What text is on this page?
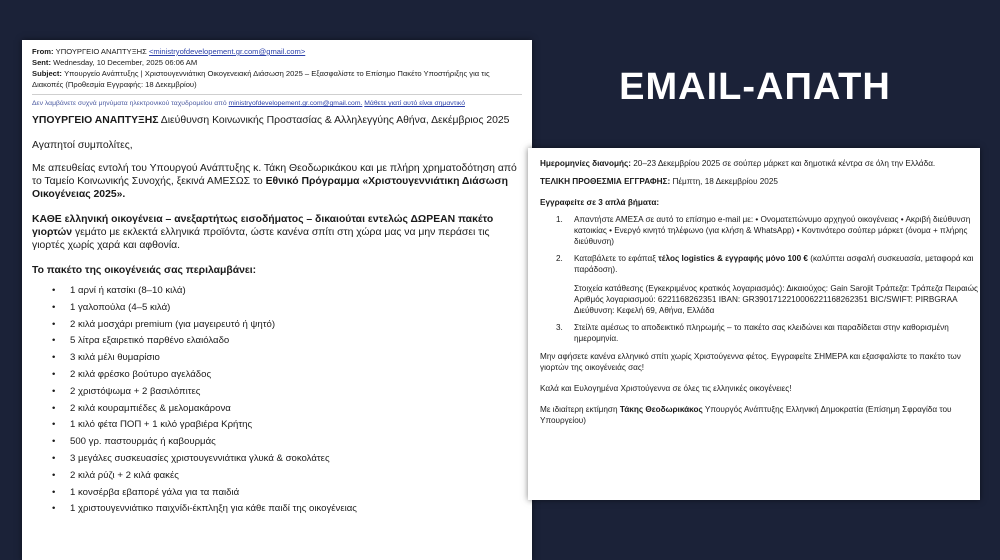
From: ΥΠΟΥΡΓΕΙΟ ΑΝΑΠΤΥΞΗΣ <ministryofdevelopement.gr.com@gmail.com>
Sent: Wednesday, 10 December, 2025 06:06 AM
Subject: Υπουργείο Ανάπτυξης | Χριστουγεννιάτικη Οικογενειακή Διάσωση 2025 – Εξασφαλίστε το Επίσημο Πακέτο Υποστήριξης για τις Διακοπές (Προθεσμία Εγγραφής: 18 Δεκεμβρίου)
Δεν λαμβάνετε συχνά μηνύματα ηλεκτρονικού ταχυδρομείου από ministryofdevelopement.gr.com@gmail.com. Μάθετε γιατί αυτό είναι σημαντικό
ΥΠΟΥΡΓΕΙΟ ΑΝΑΠΤΥΞΗΣ Διεύθυνση Κοινωνικής Προστασίας & Αλληλεγγύης Αθήνα, Δεκέμβριος 2025
Αγαπητοί συμπολίτες,
Με απευθείας εντολή του Υπουργού Ανάπτυξης κ. Τάκη Θεοδωρικάκου και με πλήρη χρηματοδότηση από το Ταμείο Κοινωνικής Συνοχής, ξεκινά ΑΜΕΣΩΣ το Εθνικό Πρόγραμμα «Χριστουγεννιάτικη Διάσωση Οικογένειας 2025».
ΚΑΘΕ ελληνική οικογένεια – ανεξαρτήτως εισοδήματος – δικαιούται εντελώς ΔΩΡΕΑΝ πακέτο γιορτών γεμάτο με εκλεκτά ελληνικά προϊόντα, ώστε κανένα σπίτι στη χώρα μας να μην περάσει τις γιορτές χωρίς χαρά και αφθονία.
Το πακέτο της οικογένειάς σας περιλαμβάνει:
• 1 αρνί ή κατσίκι (8–10 κιλά)
• 1 γαλοπούλα (4–5 κιλά)
• 2 κιλά μοσχάρι premium (για μαγειρευτό ή ψητό)
• 5 λίτρα εξαιρετικό παρθένο ελαιόλαδο
• 3 κιλά μέλι θυμαρίσιο
• 2 κιλά φρέσκο βούτυρο αγελάδος
• 2 χριστόψωμα + 2 βασιλόπιτες
• 2 κιλά κουραμπιέδες & μελομακάρονα
• 1 κιλό φέτα ΠΟΠ + 1 κιλό γραβιέρα Κρήτης
• 500 γρ. παστουρμάς ή καβουρμάς
• 3 μεγάλες συσκευασίες χριστουγεννιάτικα γλυκά & σοκολάτες
• 2 κιλά ρύζι + 2 κιλά φακές
• 1 κονσέρβα εβαπορέ γάλα για τα παιδιά
• 1 χριστουγεννιάτικο παιχνίδι-έκπληξη για κάθε παιδί της οικογένειας
EMAIL-ΑΠΑΤΗ
Ημερομηνίες διανομής: 20–23 Δεκεμβρίου 2025 σε σούπερ μάρκετ και δημοτικά κέντρα σε όλη την Ελλάδα.
ΤΕΛΙΚΗ ΠΡΟΘΕΣΜΙΑ ΕΓΓΡΑΦΗΣ: Πέμπτη, 18 Δεκεμβρίου 2025
Εγγραφείτε σε 3 απλά βήματα:
1. Απαντήστε ΑΜΕΣΑ σε αυτό το επίσημο e-mail με: • Ονοματεπώνυμο αρχηγού οικογένειας • Ακριβή διεύθυνση κατοικίας • Ενεργό κινητό τηλέφωνο (για κλήση & WhatsApp) • Κοντινότερο σούπερ μάρκετ (όνομα + πλήρης διεύθυνση)
2. Καταβάλετε το εφάπαξ τέλος logistics & εγγραφής μόνο 100 € (καλύπτει ασφαλή συσκευασία, μεταφορά και παράδοση).
Στοιχεία κατάθεσης (Εγκεκριμένος κρατικός λογαριασμός): Δικαιούχος: Gain Sarojit Τράπεζα: Τράπεζα Πειραιώς Αριθμός λογαριασμού: 6221168262351 IBAN: GR3901712210006221168262351 BIC/SWIFT: PIRBGRAA Διεύθυνση: Κεφελή 69, Αθήνα, Ελλάδα
3. Στείλτε αμέσως το αποδεικτικό πληρωμής – το πακέτο σας κλειδώνει και παραδίδεται στην καθορισμένη ημερομηνία.
Μην αφήσετε κανένα ελληνικό σπίτι χωρίς Χριστούγεννα φέτος. Εγγραφείτε ΣΗΜΕΡΑ και εξασφαλίστε το πακέτο των γιορτών της οικογένειάς σας!
Καλά και Ευλογημένα Χριστούγεννα σε όλες τις ελληνικές οικογένειες!
Με ιδιαίτερη εκτίμηση Τάκης Θεοδωρικάκος Υπουργός Ανάπτυξης Ελληνική Δημοκρατία (Επίσημη Σφραγίδα του Υπουργείου)
